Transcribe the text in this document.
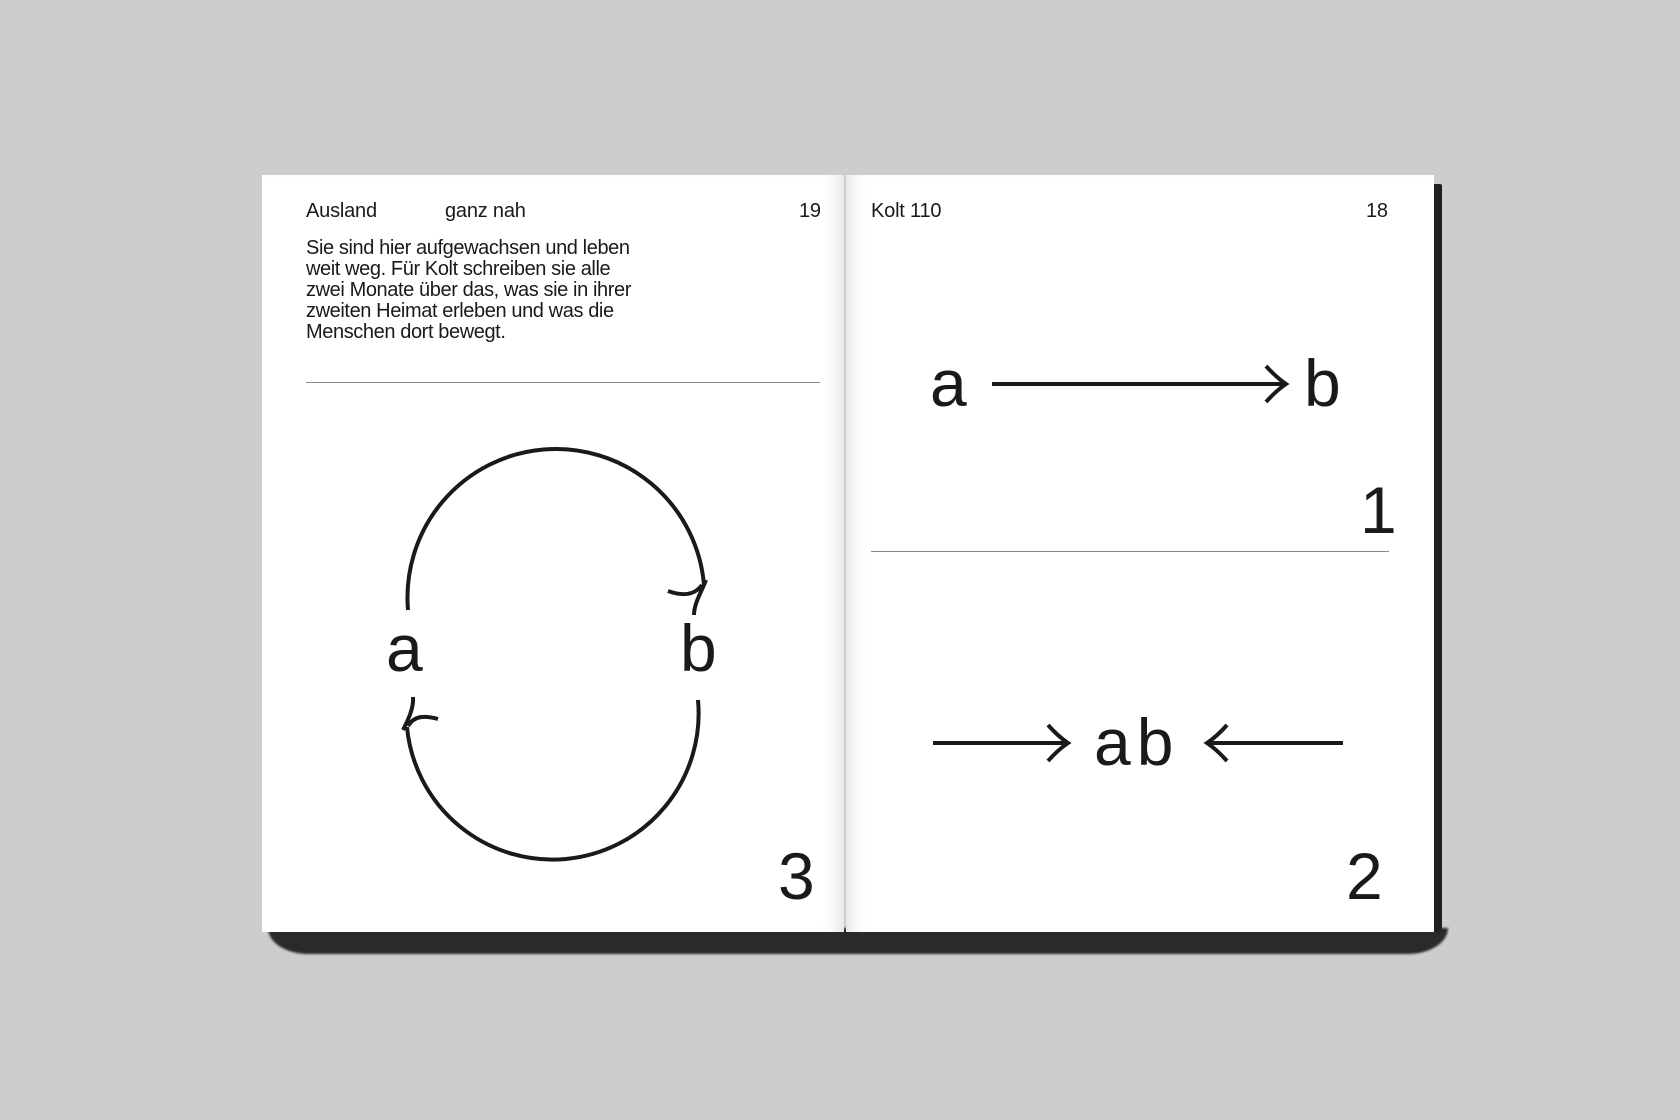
Ausland	ganz nah	19

Sie sind hier aufgewachsen und leben weit weg. Für Kolt schreiben sie alle zwei Monate über das, was sie in ihrer zweiten Heimat erleben und was die Menschen dort bewegt.

a	b
3
Kolt 110	18
a	b
1
ab
2
